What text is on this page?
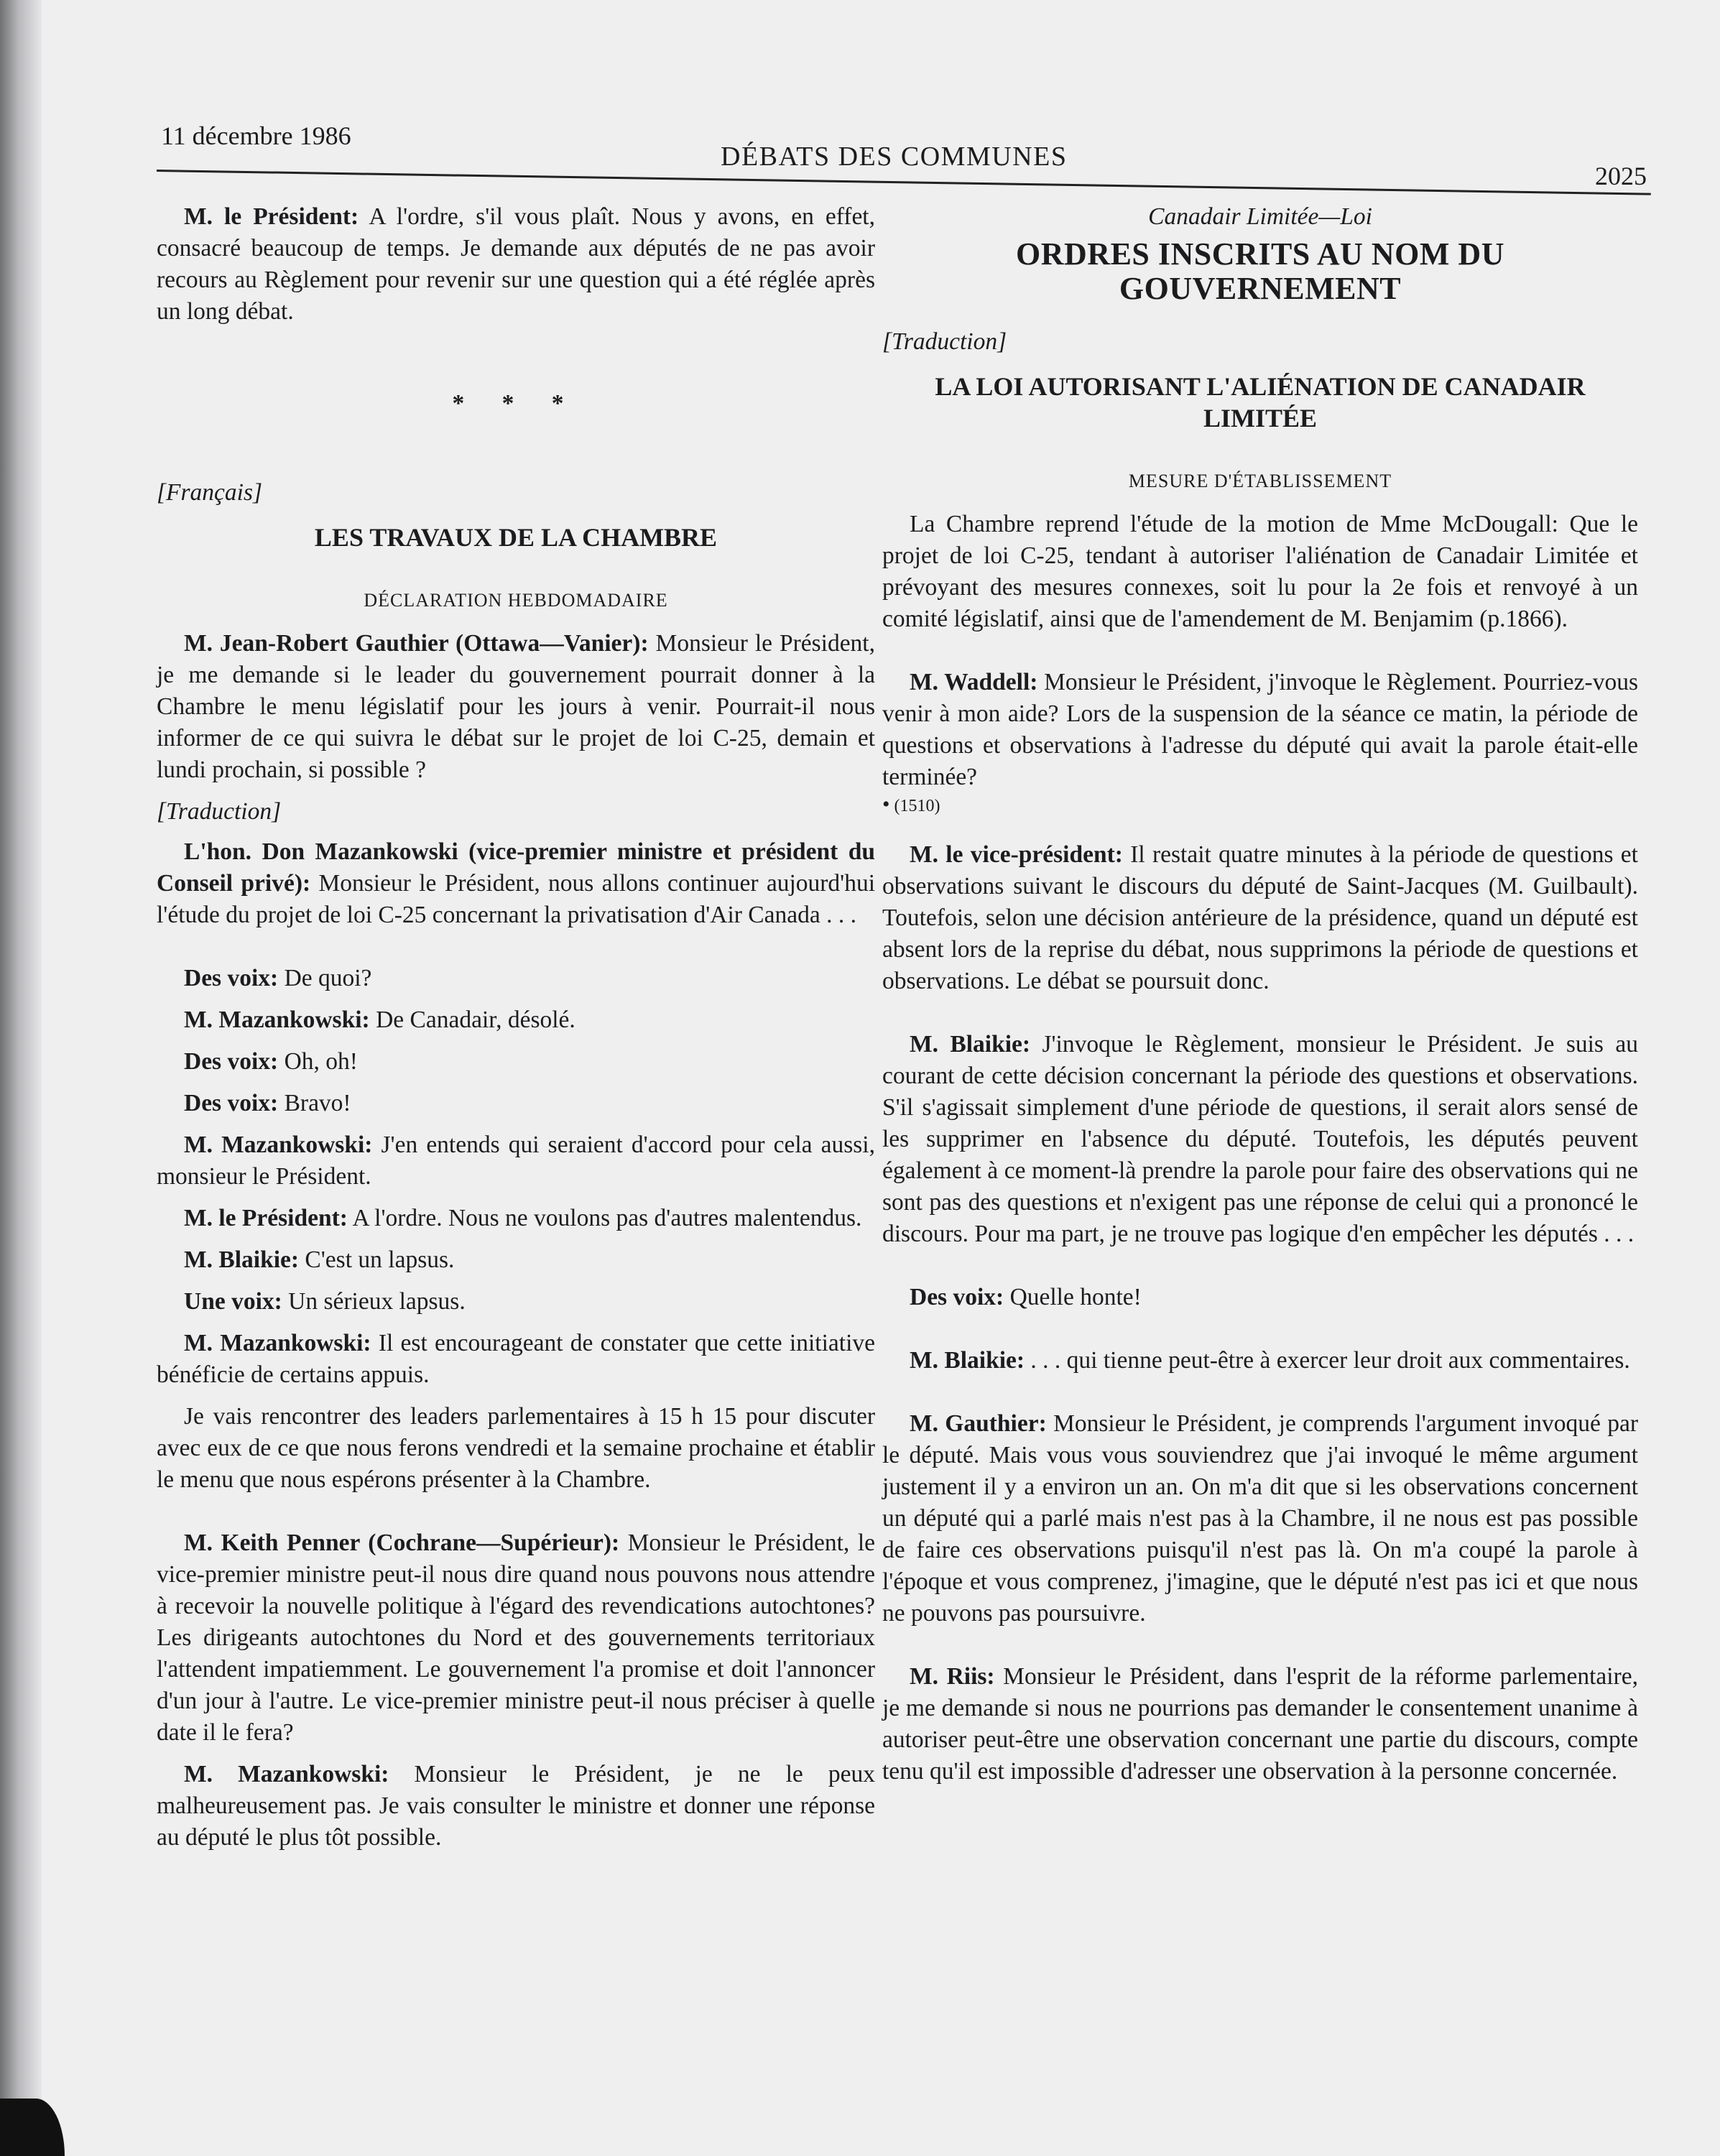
11 décembre 1986
DÉBATS DES COMMUNES
2025

M. le Président: A l'ordre, s'il vous plaît. Nous y avons, en effet, consacré beaucoup de temps. Je demande aux députés de ne pas avoir recours au Règlement pour revenir sur une question qui a été réglée après un long débat.

* * *
[Français]
LES TRAVAUX DE LA CHAMBRE
DÉCLARATION HEBDOMADAIRE

M. Jean-Robert Gauthier (Ottawa—Vanier): Monsieur le Président, je me demande si le leader du gouvernement pourrait donner à la Chambre le menu législatif pour les jours à venir. Pourrait-il nous informer de ce qui suivra le débat sur le projet de loi C-25, demain et lundi prochain, si possible ?

[Traduction]

L'hon. Don Mazankowski (vice-premier ministre et président du Conseil privé): Monsieur le Président, nous allons continuer aujourd'hui l'étude du projet de loi C-25 concernant la privatisation d'Air Canada . . .

Des voix: De quoi?

M. Mazankowski: De Canadair, désolé.

Des voix: Oh, oh!

Des voix: Bravo!

M. Mazankowski: J'en entends qui seraient d'accord pour cela aussi, monsieur le Président.

M. le Président: A l'ordre. Nous ne voulons pas d'autres malentendus.

M. Blaikie: C'est un lapsus.

Une voix: Un sérieux lapsus.

M. Mazankowski: Il est encourageant de constater que cette initiative bénéficie de certains appuis.

Je vais rencontrer des leaders parlementaires à 15 h 15 pour discuter avec eux de ce que nous ferons vendredi et la semaine prochaine et établir le menu que nous espérons présenter à la Chambre.

M. Keith Penner (Cochrane—Supérieur): Monsieur le Président, le vice-premier ministre peut-il nous dire quand nous pouvons nous attendre à recevoir la nouvelle politique à l'égard des revendications autochtones? Les dirigeants autochtones du Nord et des gouvernements territoriaux l'attendent impatiemment. Le gouvernement l'a promise et doit l'annoncer d'un jour à l'autre. Le vice-premier ministre peut-il nous préciser à quelle date il le fera?

M. Mazankowski: Monsieur le Président, je ne le peux malheureusement pas. Je vais consulter le ministre et donner une réponse au député le plus tôt possible.

Canadair Limitée—Loi
ORDRES INSCRITS AU NOM DU GOUVERNEMENT
[Traduction]
LA LOI AUTORISANT L'ALIÉNATION DE CANADAIR LIMITÉE
MESURE D'ÉTABLISSEMENT

La Chambre reprend l'étude de la motion de Mme McDougall: Que le projet de loi C-25, tendant à autoriser l'aliénation de Canadair Limitée et prévoyant des mesures connexes, soit lu pour la 2e fois et renvoyé à un comité législatif, ainsi que de l'amendement de M. Benjamim (p.1866).

M. Waddell: Monsieur le Président, j'invoque le Règlement. Pourriez-vous venir à mon aide? Lors de la suspension de la séance ce matin, la période de questions et observations à l'adresse du député qui avait la parole était-elle terminée?

• (1510)

M. le vice-président: Il restait quatre minutes à la période de questions et observations suivant le discours du député de Saint-Jacques (M. Guilbault). Toutefois, selon une décision antérieure de la présidence, quand un député est absent lors de la reprise du débat, nous supprimons la période de questions et observations. Le débat se poursuit donc.

M. Blaikie: J'invoque le Règlement, monsieur le Président. Je suis au courant de cette décision concernant la période des questions et observations. S'il s'agissait simplement d'une période de questions, il serait alors sensé de les supprimer en l'absence du député. Toutefois, les députés peuvent également à ce moment-là prendre la parole pour faire des observations qui ne sont pas des questions et n'exigent pas une réponse de celui qui a prononcé le discours. Pour ma part, je ne trouve pas logique d'en empêcher les députés . . .

Des voix: Quelle honte!

M. Blaikie: . . . qui tienne peut-être à exercer leur droit aux commentaires.

M. Gauthier: Monsieur le Président, je comprends l'argument invoqué par le député. Mais vous vous souviendrez que j'ai invoqué le même argument justement il y a environ un an. On m'a dit que si les observations concernent un député qui a parlé mais n'est pas à la Chambre, il ne nous est pas possible de faire ces observations puisqu'il n'est pas là. On m'a coupé la parole à l'époque et vous comprenez, j'imagine, que le député n'est pas ici et que nous ne pouvons pas poursuivre.

M. Riis: Monsieur le Président, dans l'esprit de la réforme parlementaire, je me demande si nous ne pourrions pas demander le consentement unanime à autoriser peut-être une observation concernant une partie du discours, compte tenu qu'il est impossible d'adresser une observation à la personne concernée.
